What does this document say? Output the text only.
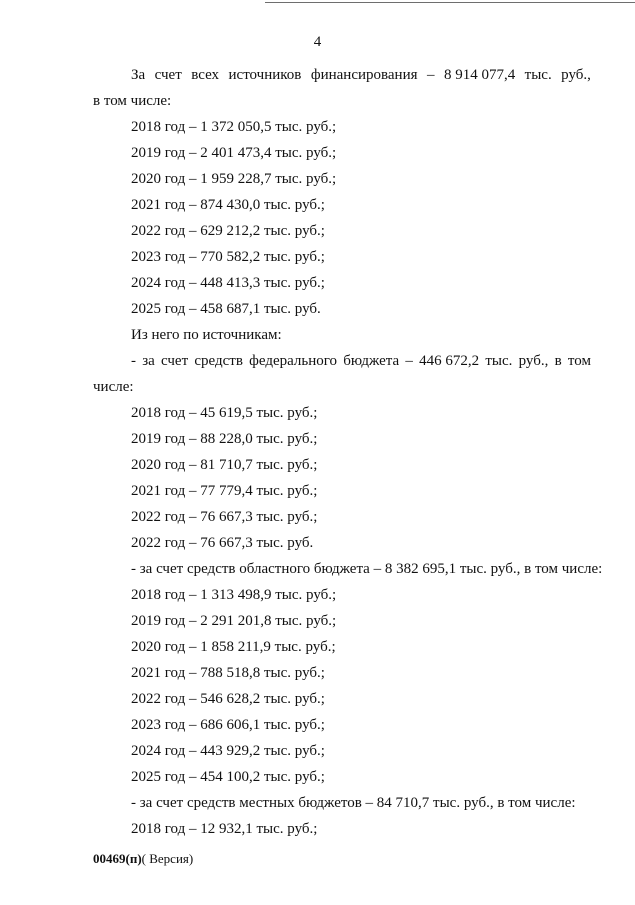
4
За счет всех источников финансирования – 8 914 077,4 тыс. руб.,
в том числе:
2018 год – 1 372 050,5 тыс. руб.;
2019 год – 2 401 473,4 тыс. руб.;
2020 год – 1 959 228,7 тыс. руб.;
2021 год – 874 430,0 тыс. руб.;
2022 год – 629 212,2 тыс. руб.;
2023 год – 770 582,2 тыс. руб.;
2024 год – 448 413,3 тыс. руб.;
2025 год – 458 687,1 тыс. руб.
Из него по источникам:
- за счет средств федерального бюджета – 446 672,2 тыс. руб., в том
числе:
2018 год – 45 619,5 тыс. руб.;
2019 год – 88 228,0 тыс. руб.;
2020 год – 81 710,7 тыс. руб.;
2021 год – 77 779,4 тыс. руб.;
2022 год – 76 667,3 тыс. руб.;
2022 год – 76 667,3 тыс. руб.
- за счет средств областного бюджета – 8 382 695,1 тыс. руб., в том числе:
2018 год – 1 313 498,9 тыс. руб.;
2019 год – 2 291 201,8 тыс. руб.;
2020 год – 1 858 211,9 тыс. руб.;
2021 год – 788 518,8 тыс. руб.;
2022 год – 546 628,2 тыс. руб.;
2023 год – 686 606,1 тыс. руб.;
2024 год – 443 929,2 тыс. руб.;
2025 год – 454 100,2 тыс. руб.;
- за счет средств местных бюджетов – 84 710,7 тыс. руб., в том числе:
2018 год – 12 932,1 тыс. руб.;
00469(п)( Версия)
